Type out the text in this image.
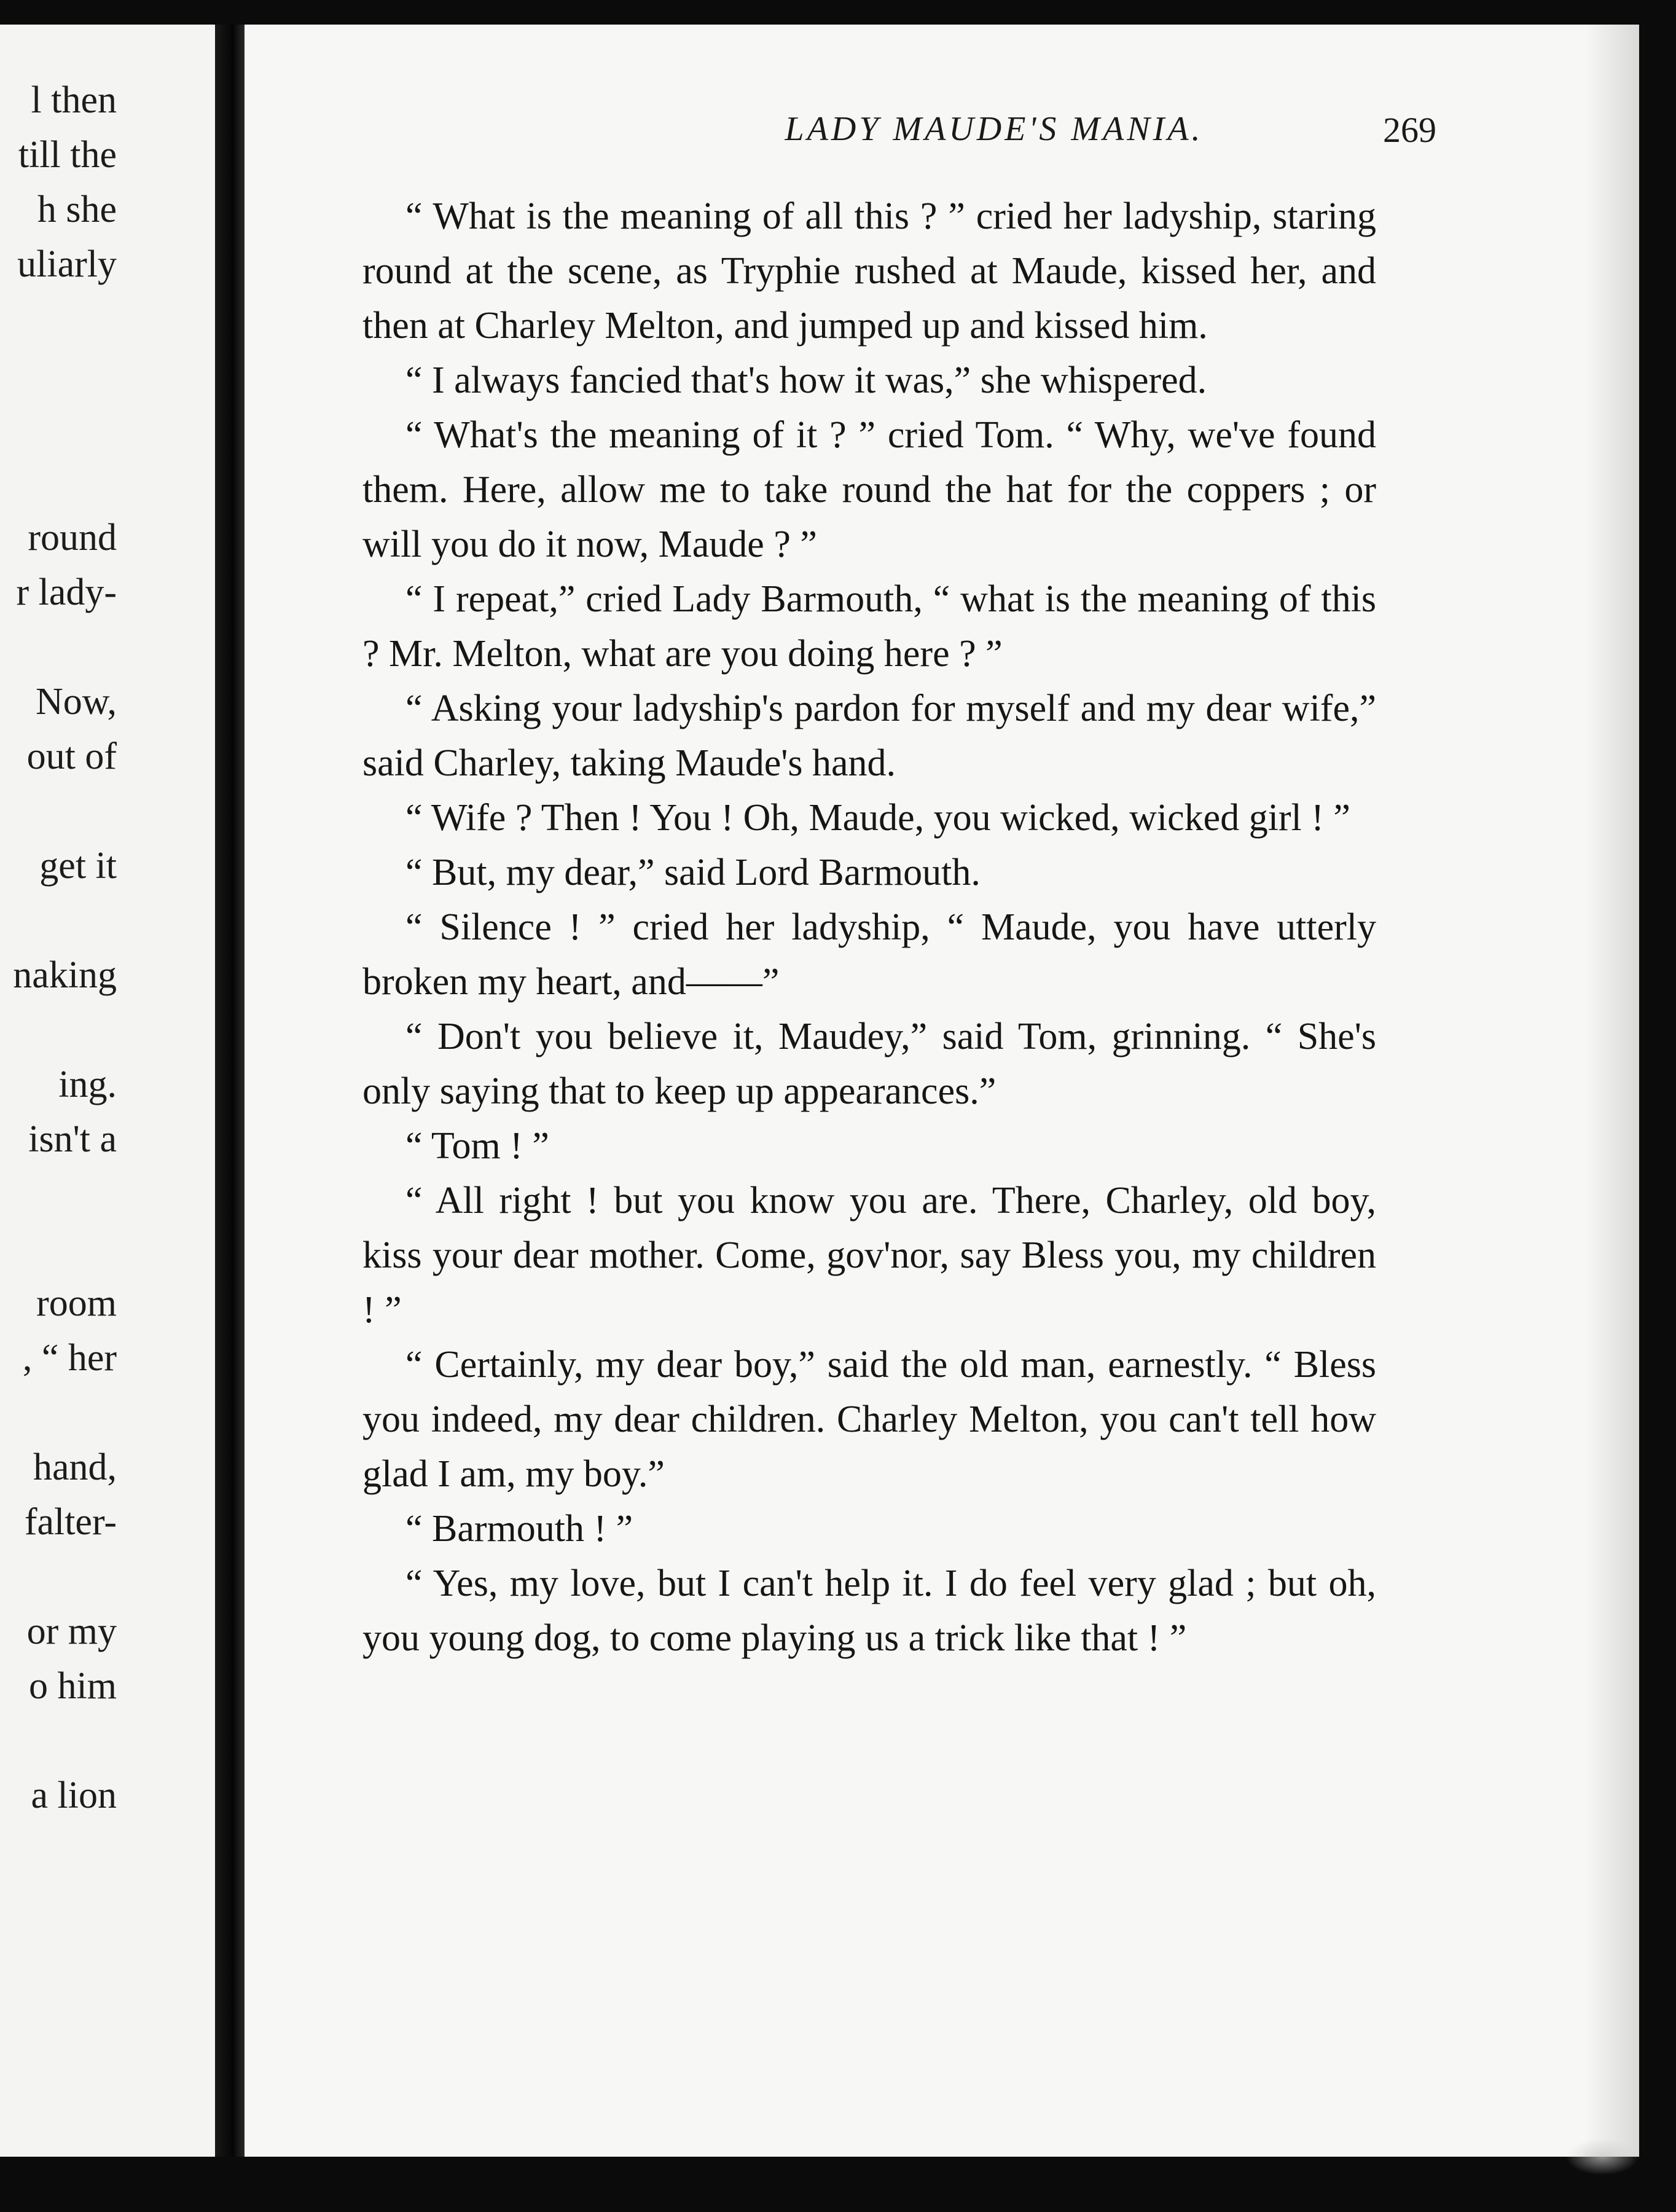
l then
till the
h she
uliarly
round
r lady-
Now,
out of
get it
naking
ing.
isn't a
room
, “ her
hand,
falter-
or my
o him
a lion
LADY MAUDE'S MANIA.	269

“ What is the meaning of all this ? ” cried her ladyship, staring round at the scene, as Tryphie rushed at Maude, kissed her, and then at Charley Melton, and jumped up and kissed him.

“ I always fancied that's how it was,” she whispered.

“ What's the meaning of it ? ” cried Tom. “ Why, we've found them. Here, allow me to take round the hat for the coppers ; or will you do it now, Maude ? ”

“ I repeat,” cried Lady Barmouth, “ what is the meaning of this ? Mr. Melton, what are you doing here ? ”

“ Asking your ladyship's pardon for myself and my dear wife,” said Charley, taking Maude's hand.

“ Wife ? Then ! You ! Oh, Maude, you wicked, wicked girl ! ”

“ But, my dear,” said Lord Barmouth.

“ Silence ! ” cried her ladyship, “ Maude, you have utterly broken my heart, and——”

“ Don't you believe it, Maudey,” said Tom, grinning. “ She's only saying that to keep up appearances.”

“ Tom ! ”

“ All right ! but you know you are. There, Charley, old boy, kiss your dear mother. Come, gov'nor, say Bless you, my children ! ”

“ Certainly, my dear boy,” said the old man, earnestly. “ Bless you indeed, my dear children. Charley Melton, you can't tell how glad I am, my boy.”

“ Barmouth ! ”

“ Yes, my love, but I can't help it. I do feel very glad ; but oh, you young dog, to come playing us a trick like that ! ”
